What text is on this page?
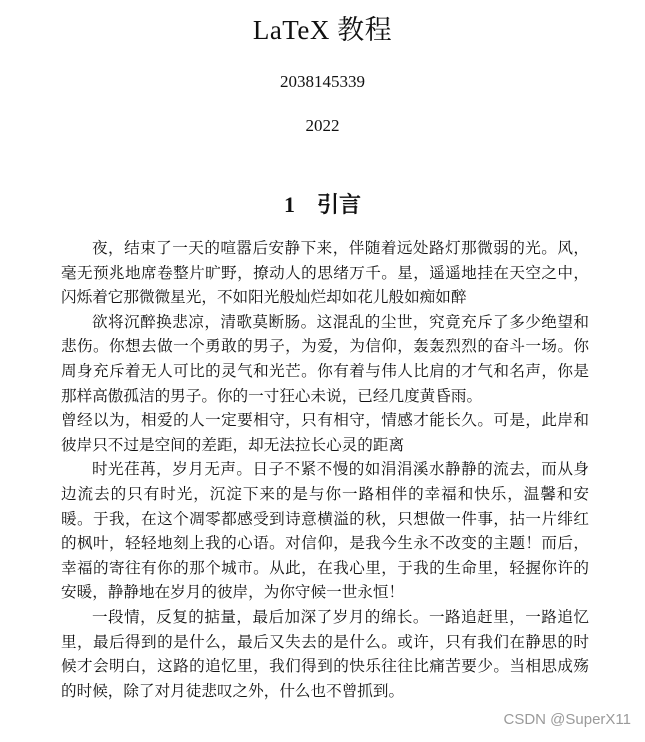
LaTeX 教程
2038145339
2022
1 引言

夜，结束了一天的喧嚣后安静下来，伴随着远处路灯那微弱的光。风，毫无预兆地席卷整片旷野，撩动人的思绪万千。星，遥遥地挂在天空之中，闪烁着它那微微星光，不如阳光般灿烂却如花儿般如痴如醉

欲将沉醉换悲凉，清歌莫断肠。这混乱的尘世，究竟充斥了多少绝望和悲伤。你想去做一个勇敢的男子，为爱，为信仰，轰轰烈烈的奋斗一场。你周身充斥着无人可比的灵气和光芒。你有着与伟人比肩的才气和名声，你是那样高傲孤洁的男子。你的一寸狂心未说，已经几度黄昏雨。

曾经以为，相爱的人一定要相守，只有相守，情感才能长久。可是，此岸和彼岸只不过是空间的差距，却无法拉长心灵的距离

时光荏苒，岁月无声。日子不紧不慢的如涓涓溪水静静的流去，而从身边流去的只有时光，沉淀下来的是与你一路相伴的幸福和快乐，温馨和安暖。于我，在这个凋零都感受到诗意横溢的秋，只想做一件事，拈一片绯红的枫叶，轻轻地刻上我的心语。对信仰，是我今生永不改变的主题！而后，幸福的寄往有你的那个城市。从此，在我心里，于我的生命里，轻握你许的安暖，静静地在岁月的彼岸，为你守候一世永恒！

一段情，反复的掂量，最后加深了岁月的绵长。一路追赶里，一路追忆里，最后得到的是什么，最后又失去的是什么。或许，只有我们在静思的时候才会明白，这路的追忆里，我们得到的快乐往往比痛苦要少。当相思成殇的时候，除了对月徒悲叹之外，什么也不曾抓到。

CSDN @SuperX11
